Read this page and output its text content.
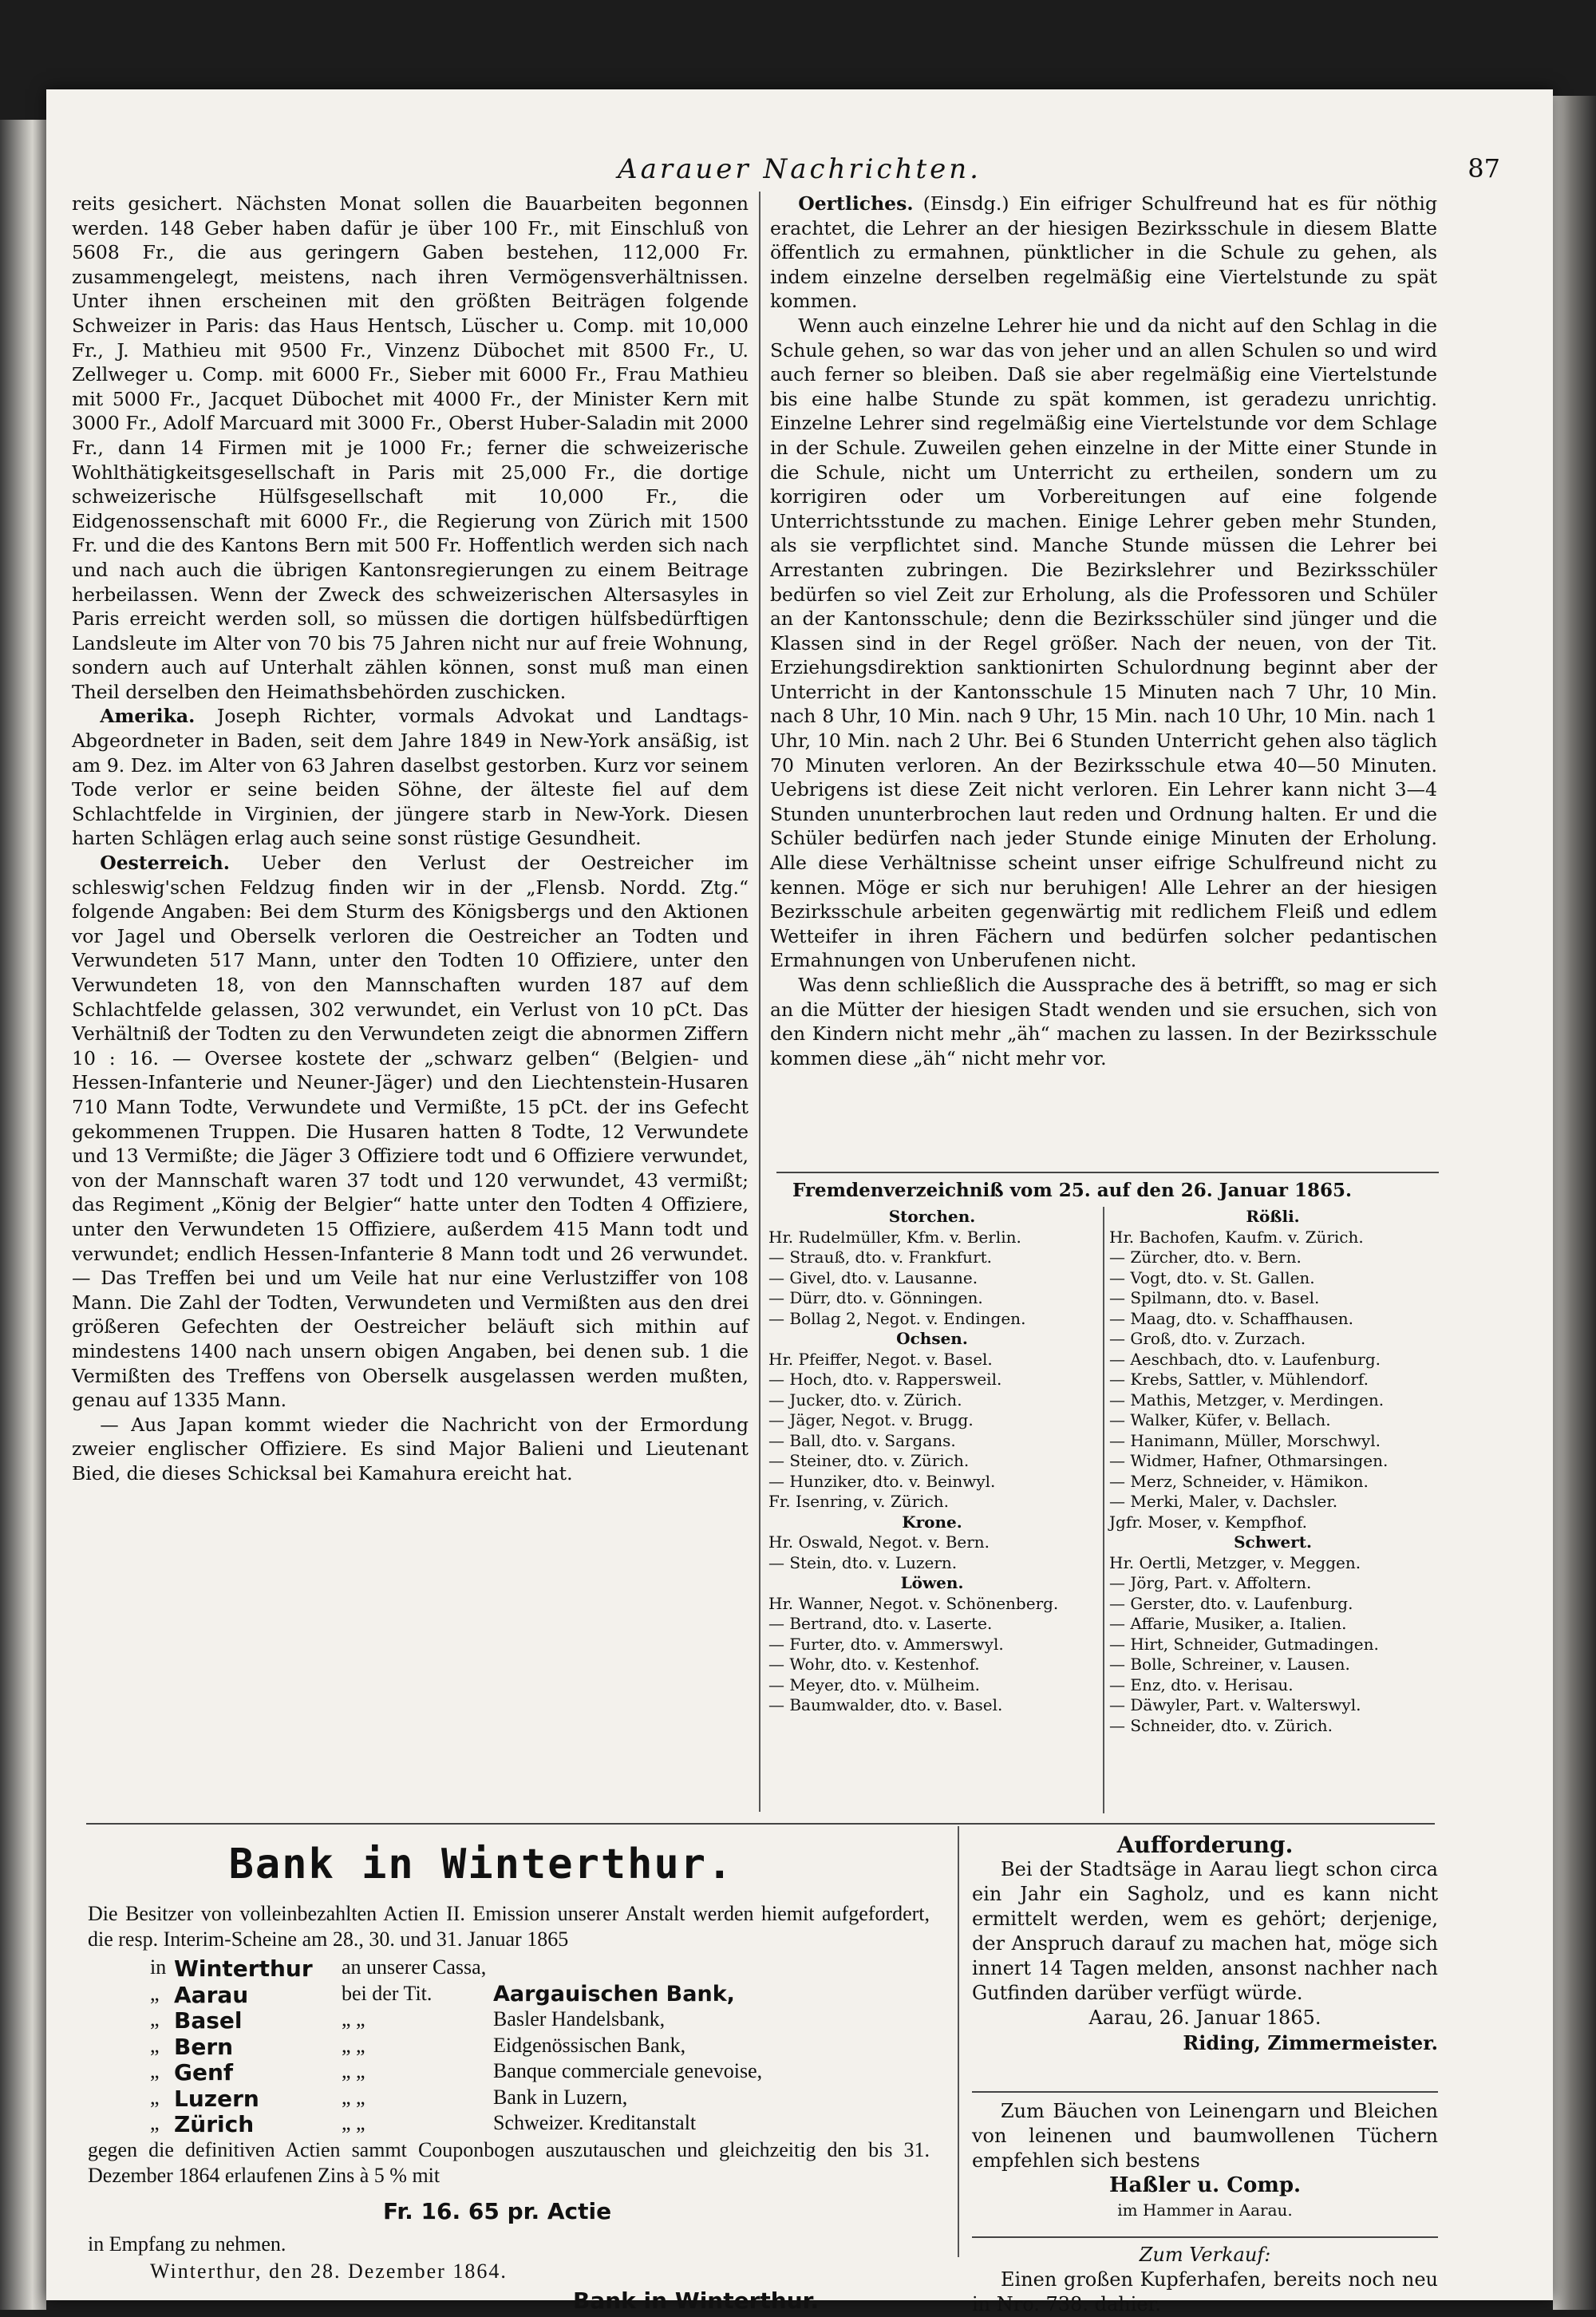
Aarauer Nachrichten.	87

reits gesichert. Nächsten Monat sollen die Bauarbeiten begonnen werden. 148 Geber haben dafür je über 100 Fr., mit Einschluß von 5608 Fr., die aus geringern Gaben bestehen, 112,000 Fr. zusammengelegt, meistens, nach ihren Vermögensverhältnissen. Unter ihnen erscheinen mit den größten Beiträgen folgende Schweizer in Paris: das Haus Hentsch, Lüscher u. Comp. mit 10,000 Fr., J. Mathieu mit 9500 Fr., Vinzenz Dübochet mit 8500 Fr., U. Zellweger u. Comp. mit 6000 Fr., Sieber mit 6000 Fr., Frau Mathieu mit 5000 Fr., Jacquet Dübochet mit 4000 Fr., der Minister Kern mit 3000 Fr., Adolf Marcuard mit 3000 Fr., Oberst Huber-Saladin mit 2000 Fr., dann 14 Firmen mit je 1000 Fr.; ferner die schweizerische Wohlthätigkeitsgesellschaft in Paris mit 25,000 Fr., die dortige schweizerische Hülfsgesellschaft mit 10,000 Fr., die Eidgenossenschaft mit 6000 Fr., die Regierung von Zürich mit 1500 Fr. und die des Kantons Bern mit 500 Fr. Hoffentlich werden sich nach und nach auch die übrigen Kantonsregierungen zu einem Beitrage herbeilassen. Wenn der Zweck des schweizerischen Altersasyles in Paris erreicht werden soll, so müssen die dortigen hülfsbedürftigen Landsleute im Alter von 70 bis 75 Jahren nicht nur auf freie Wohnung, sondern auch auf Unterhalt zählen können, sonst muß man einen Theil derselben den Heimathsbehörden zuschicken.

Amerika. Joseph Richter, vormals Advokat und Landtags-Abgeordneter in Baden, seit dem Jahre 1849 in New-York ansäßig, ist am 9. Dez. im Alter von 63 Jahren daselbst gestorben. Kurz vor seinem Tode verlor er seine beiden Söhne, der älteste fiel auf dem Schlachtfelde in Virginien, der jüngere starb in New-York. Diesen harten Schlägen erlag auch seine sonst rüstige Gesundheit.

Oesterreich. Ueber den Verlust der Oestreicher im schleswig'schen Feldzug finden wir in der „Flensb. Nordd. Ztg.“ folgende Angaben: Bei dem Sturm des Königsbergs und den Aktionen vor Jagel und Oberselk verloren die Oestreicher an Todten und Verwundeten 517 Mann, unter den Todten 10 Offiziere, unter den Verwundeten 18, von den Mannschaften wurden 187 auf dem Schlachtfelde gelassen, 302 verwundet, ein Verlust von 10 pCt. Das Verhältniß der Todten zu den Verwundeten zeigt die abnormen Ziffern 10 : 16. — Oversee kostete der „schwarz gelben“ (Belgien- und Hessen-Infanterie und Neuner-Jäger) und den Liechtenstein-Husaren 710 Mann Todte, Verwundete und Vermißte, 15 pCt. der ins Gefecht gekommenen Truppen. Die Husaren hatten 8 Todte, 12 Verwundete und 13 Vermißte; die Jäger 3 Offiziere todt und 6 Offiziere verwundet, von der Mannschaft waren 37 todt und 120 verwundet, 43 vermißt; das Regiment „König der Belgier“ hatte unter den Todten 4 Offiziere, unter den Verwundeten 15 Offiziere, außerdem 415 Mann todt und verwundet; endlich Hessen-Infanterie 8 Mann todt und 26 verwundet. — Das Treffen bei und um Veile hat nur eine Verlustziffer von 108 Mann. Die Zahl der Todten, Verwundeten und Vermißten aus den drei größeren Gefechten der Oestreicher beläuft sich mithin auf mindestens 1400 nach unsern obigen Angaben, bei denen sub. 1 die Vermißten des Treffens von Oberselk ausgelassen werden mußten, genau auf 1335 Mann.

— Aus Japan kommt wieder die Nachricht von der Ermordung zweier englischer Offiziere. Es sind Major Balieni und Lieutenant Bied, die dieses Schicksal bei Kamahura ereicht hat.

Oertliches. (Einsdg.) Ein eifriger Schulfreund hat es für nöthig erachtet, die Lehrer an der hiesigen Bezirksschule in diesem Blatte öffentlich zu ermahnen, pünktlicher in die Schule zu gehen, als indem einzelne derselben regelmäßig eine Viertelstunde zu spät kommen.

Wenn auch einzelne Lehrer hie und da nicht auf den Schlag in die Schule gehen, so war das von jeher und an allen Schulen so und wird auch ferner so bleiben. Daß sie aber regelmäßig eine Viertelstunde bis eine halbe Stunde zu spät kommen, ist geradezu unrichtig. Einzelne Lehrer sind regelmäßig eine Viertelstunde vor dem Schlage in der Schule. Zuweilen gehen einzelne in der Mitte einer Stunde in die Schule, nicht um Unterricht zu ertheilen, sondern um zu korrigiren oder um Vorbereitungen auf eine folgende Unterrichtsstunde zu machen. Einige Lehrer geben mehr Stunden, als sie verpflichtet sind. Manche Stunde müssen die Lehrer bei Arrestanten zubringen. Die Bezirkslehrer und Bezirksschüler bedürfen so viel Zeit zur Erholung, als die Professoren und Schüler an der Kantonsschule; denn die Bezirksschüler sind jünger und die Klassen sind in der Regel größer. Nach der neuen, von der Tit. Erziehungsdirektion sanktionirten Schulordnung beginnt aber der Unterricht in der Kantonsschule 15 Minuten nach 7 Uhr, 10 Min. nach 8 Uhr, 10 Min. nach 9 Uhr, 15 Min. nach 10 Uhr, 10 Min. nach 1 Uhr, 10 Min. nach 2 Uhr. Bei 6 Stunden Unterricht gehen also täglich 70 Minuten verloren. An der Bezirksschule etwa 40—50 Minuten. Uebrigens ist diese Zeit nicht verloren. Ein Lehrer kann nicht 3—4 Stunden ununterbrochen laut reden und Ordnung halten. Er und die Schüler bedürfen nach jeder Stunde einige Minuten der Erholung. Alle diese Verhältnisse scheint unser eifrige Schulfreund nicht zu kennen. Möge er sich nur beruhigen! Alle Lehrer an der hiesigen Bezirksschule arbeiten gegenwärtig mit redlichem Fleiß und edlem Wetteifer in ihren Fächern und bedürfen solcher pedantischen Ermahnungen von Unberufenen nicht.

Was denn schließlich die Aussprache des ä betrifft, so mag er sich an die Mütter der hiesigen Stadt wenden und sie ersuchen, sich von den Kindern nicht mehr „äh“ machen zu lassen. In der Bezirksschule kommen diese „äh“ nicht mehr vor.

Fremdenverzeichniß vom 25. auf den 26. Januar 1865.
Storchen.
Hr. Rudelmüller, Kfm. v. Berlin.
— Strauß, dto. v. Frankfurt.
— Givel, dto. v. Lausanne.
— Dürr, dto. v. Gönningen.
— Bollag 2, Negot. v. Endingen.
Ochsen.
Hr. Pfeiffer, Negot. v. Basel.
— Hoch, dto. v. Rappersweil.
— Jucker, dto. v. Zürich.
— Jäger, Negot. v. Brugg.
— Ball, dto. v. Sargans.
— Steiner, dto. v. Zürich.
— Hunziker, dto. v. Beinwyl.
Fr. Isenring, v. Zürich.
Krone.
Hr. Oswald, Negot. v. Bern.
— Stein, dto. v. Luzern.
Löwen.
Hr. Wanner, Negot. v. Schönenberg.
— Bertrand, dto. v. Laserte.
— Furter, dto. v. Ammerswyl.
— Wohr, dto. v. Kestenhof.
— Meyer, dto. v. Mülheim.
— Baumwalder, dto. v. Basel.
Rößli.
Hr. Bachofen, Kaufm. v. Zürich.
— Zürcher, dto. v. Bern.
— Vogt, dto. v. St. Gallen.
— Spilmann, dto. v. Basel.
— Maag, dto. v. Schaffhausen.
— Groß, dto. v. Zurzach.
— Aeschbach, dto. v. Laufenburg.
— Krebs, Sattler, v. Mühlendorf.
— Mathis, Metzger, v. Merdingen.
— Walker, Küfer, v. Bellach.
— Hanimann, Müller, Morschwyl.
— Widmer, Hafner, Othmarsingen.
— Merz, Schneider, v. Hämikon.
— Merki, Maler, v. Dachsler.
Jgfr. Moser, v. Kempfhof.
Schwert.
Hr. Oertli, Metzger, v. Meggen.
— Jörg, Part. v. Affoltern.
— Gerster, dto. v. Laufenburg.
— Affarie, Musiker, a. Italien.
— Hirt, Schneider, Gutmadingen.
— Bolle, Schreiner, v. Lausen.
— Enz, dto. v. Herisau.
— Däwyler, Part. v. Walterswyl.
— Schneider, dto. v. Zürich.
Bank in Winterthur.
Die Besitzer von volleinbezahlten Actien II. Emission unserer Anstalt werden hiemit aufgefordert, die resp. Interim-Scheine am 28., 30. und 31. Januar 1865
in Winterthur an unserer Cassa,
„ Aarau	bei der Tit.	Aargauischen Bank,
„ Basel	„ „	Basler Handelsbank,
„ Bern	„ „	Eidgenössischen Bank,
„ Genf	„ „	Banque commerciale genevoise,
„ Luzern	„ „	Bank in Luzern,
„ Zürich	„ „	Schweizer. Kreditanstalt
gegen die definitiven Actien sammt Couponbogen auszutauschen und gleichzeitig den bis 31. Dezember 1864 erlaufenen Zins à 5 % mit
Fr. 16. 65 pr. Actie
in Empfang zu nehmen.
Winterthur, den 28. Dezember 1864.
Bank in Winterthur.
Aufforderung.
Bei der Stadtsäge in Aarau liegt schon circa ein Jahr ein Sagholz, und es kann nicht ermittelt werden, wem es gehört; derjenige, der Anspruch darauf zu machen hat, möge sich innert 14 Tagen melden, ansonst nachher nach Gutfinden darüber verfügt würde.
Aarau, 26. Januar 1865.
Riding, Zimmermeister.
Zum Bäuchen von Leinengarn und Bleichen von leinenen und baumwollenen Tüchern empfehlen sich bestens
Haßler u. Comp.
im Hammer in Aarau.
Zum Verkauf:
Einen großen Kupferhafen, bereits noch neu in Nro. 738. dahier.
